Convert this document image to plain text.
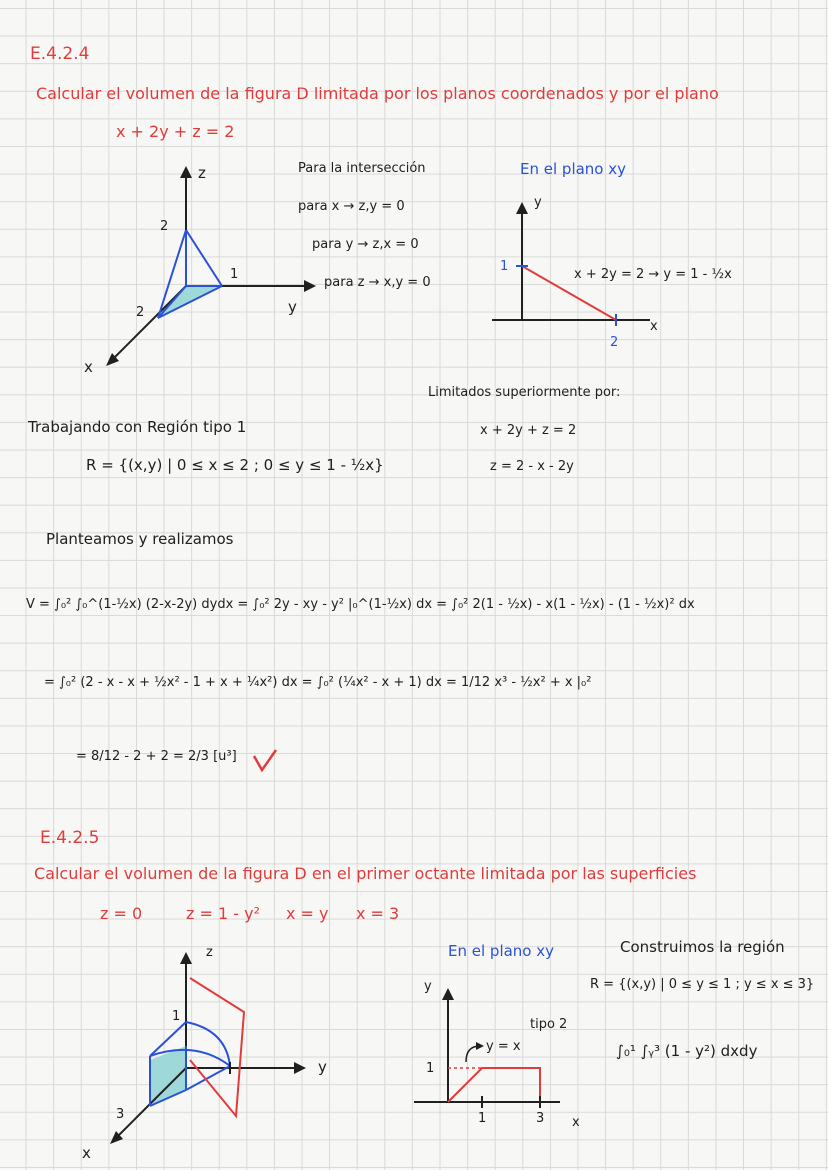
E.4.2.4
Calcular el volumen de la figura D limitada por los planos coordenados y por el plano
x + 2y + z = 2
z
y
x
2
1
2
Para la intersección
para x → z,y = 0
para y → z,x = 0
para z → x,y = 0
En el plano xy
y
x
1
2
x + 2y = 2 → y = 1 - ½x
Limitados superiormente por:
x + 2y + z = 2
z = 2 - x - 2y
Trabajando con Región tipo 1
R = {(x,y) | 0 ≤ x ≤ 2 ; 0 ≤ y ≤ 1 - ½x}
Planteamos y realizamos
V = ∫₀² ∫₀^(1-½x) (2-x-2y) dydx = ∫₀² 2y - xy - y² |₀^(1-½x) dx = ∫₀² 2(1 - ½x) - x(1 - ½x) - (1 - ½x)² dx
= ∫₀² (2 - x - x + ½x² - 1 + x + ¼x²) dx = ∫₀² (¼x² - x + 1) dx = 1/12 x³ - ½x² + x |₀²
= 8/12 - 2 + 2 = 2/3 [u³]
E.4.2.5
Calcular el volumen de la figura D en el primer octante limitada por las superficies
z = 0	z = 1 - y² x = y x = 3
z
y
x
1
3
En el plano xy
y
x
1
1	3
y = x
tipo 2
Construimos la región
R = {(x,y) | 0 ≤ y ≤ 1 ; y ≤ x ≤ 3}
∫₀¹ ∫ᵧ³ (1 - y²) dxdy
